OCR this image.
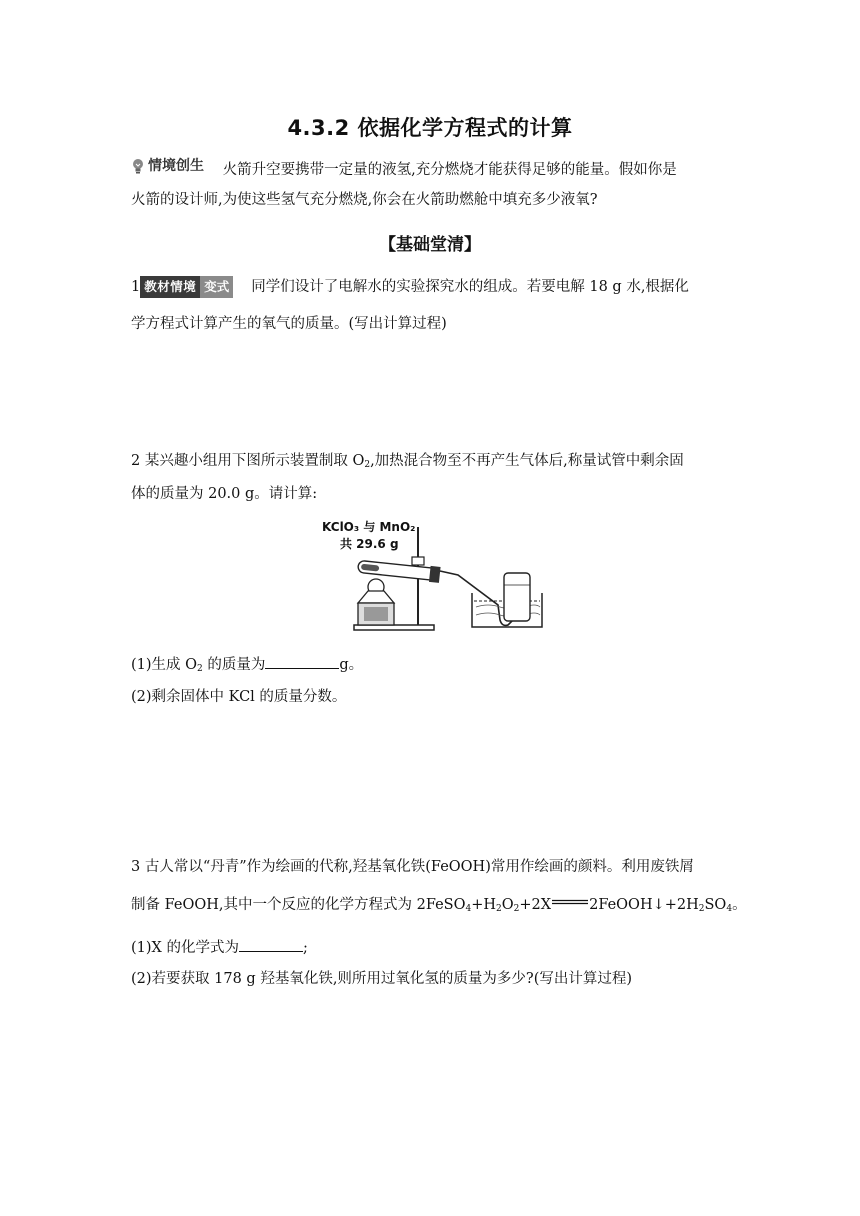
4.3.2 依据化学方程式的计算
情境创生 火箭升空要携带一定量的液氢,充分燃烧才能获得足够的能量。假如你是
火箭的设计师,为使这些氢气充分燃烧,你会在火箭助燃舱中填充多少液氧?
【基础堂清】
1 教材情境 变式 同学们设计了电解水的实验探究水的组成。若要电解 18 g 水,根据化
学方程式计算产生的氧气的质量。(写出计算过程)
2 某兴趣小组用下图所示装置制取 $O_2$,加热混合物至不再产生气体后,称量试管中剩余固
体的质量为 20.0 g。请计算:
KClO₃ 与 MnO₂
共 29.6 g
(1)生成 $O_2$ 的质量为	g。
(2)剩余固体中 KCl 的质量分数。
3 古人常以“丹青”作为绘画的代称,羟基氧化铁(FeOOH)常用作绘画的颜料。利用废铁屑
制备 FeOOH,其中一个反应的化学方程式为 $2FeSO_4+H_2O_2+2X$	$2FeOOH↓+2H_2SO_4$。
(1)X 的化学式为	;
(2)若要获取 178 g 羟基氧化铁,则所用过氧化氢的质量为多少?(写出计算过程)
